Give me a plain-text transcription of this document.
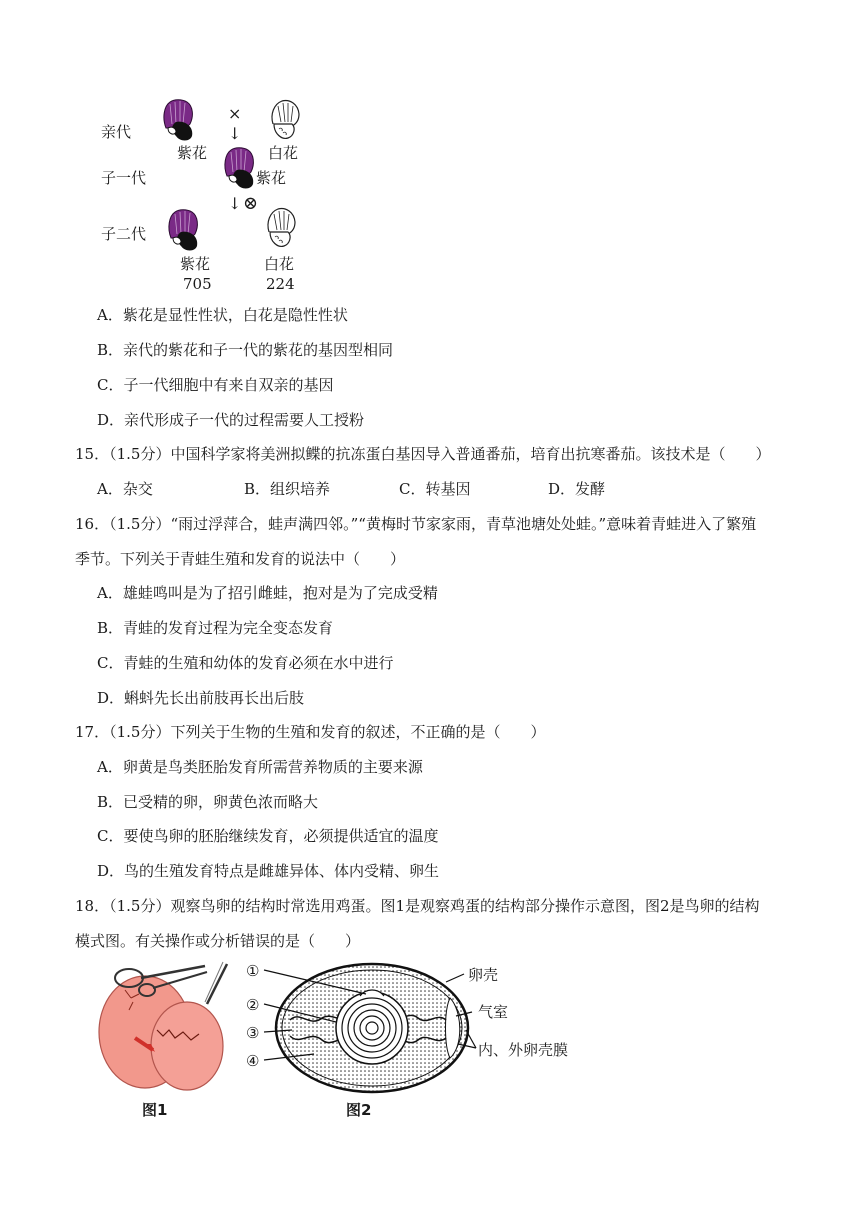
亲代
子一代
子二代
紫花
×
↓
白花
紫花
↓ ⊗
紫花
705
白花
224
A．紫花是显性性状，白花是隐性性状
B．亲代的紫花和子一代的紫花的基因型相同
C．子一代细胞中有来自双亲的基因
D．亲代形成子一代的过程需要人工授粉
15．（1.5分）中国科学家将美洲拟鲽的抗冻蛋白基因导入普通番茄，培育出抗寒番茄。该技术是（　　）
A．杂交	B．组织培养	C．转基因	D．发酵
16．（1.5分）“雨过浮萍合，蛙声满四邻。”“黄梅时节家家雨，青草池塘处处蛙。”意味着青蛙进入了繁殖
季节。下列关于青蛙生殖和发育的说法中（　　）
A．雄蛙鸣叫是为了招引雌蛙，抱对是为了完成受精
B．青蛙的发育过程为完全变态发育
C．青蛙的生殖和幼体的发育必须在水中进行
D．蝌蚪先长出前肢再长出后肢
17．（1.5分）下列关于生物的生殖和发育的叙述，不正确的是（　　）
A．卵黄是鸟类胚胎发育所需营养物质的主要来源
B．已受精的卵，卵黄色浓而略大
C．要使鸟卵的胚胎继续发育，必须提供适宜的温度
D．鸟的生殖发育特点是雌雄异体、体内受精、卵生
18．（1.5分）观察鸟卵的结构时常选用鸡蛋。图1是观察鸡蛋的结构部分操作示意图，图2是鸟卵的结构
模式图。有关操作或分析错误的是（　　）
图1
①
②
③
④
卵壳
气室
内、外卵壳膜
图2
